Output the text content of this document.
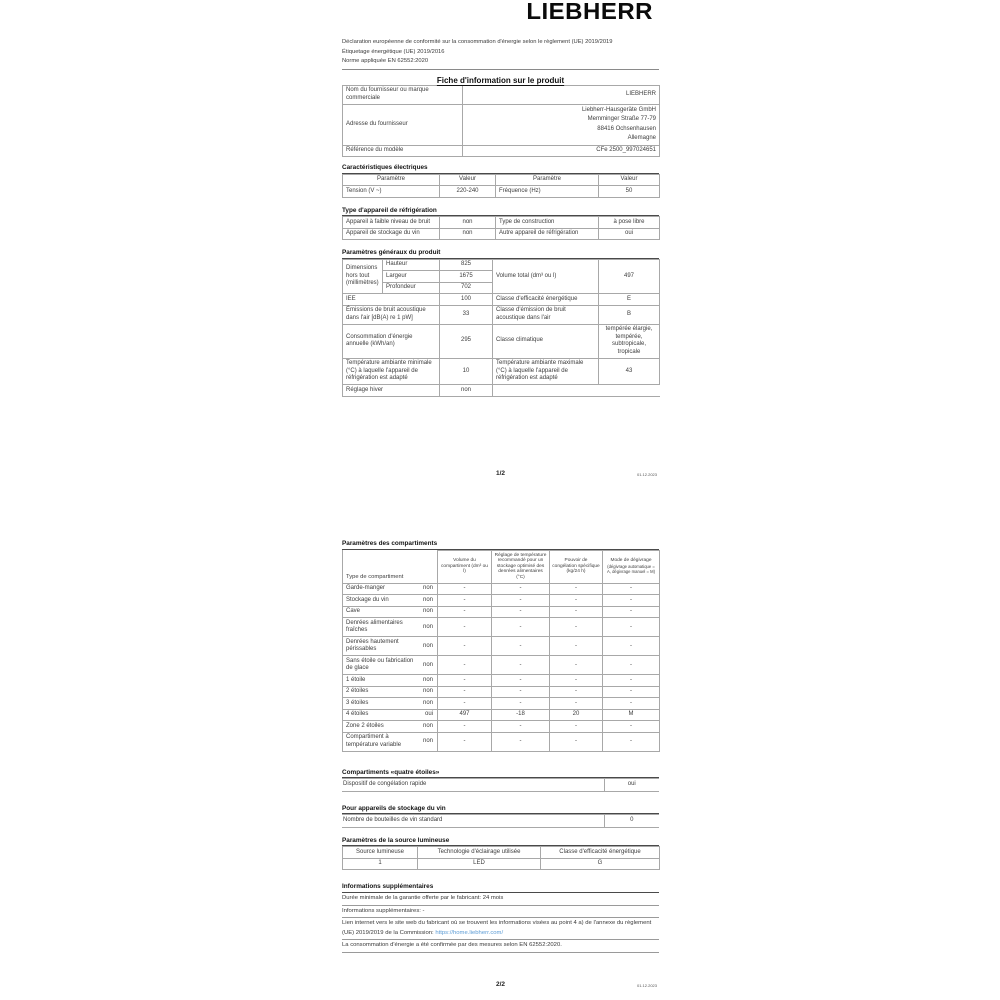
LIEBHERR
Déclaration européenne de conformité sur la consommation d'énergie selon le règlement (UE) 2019/2019
Étiquetage énergétique (UE) 2019/2016
Norme appliquée EN 62552:2020
Fiche d'information sur le produit
Nom du fournisseur ou marque commerciale	LIEBHERR
Adresse du fournisseur	Liebherr-Hausgeräte GmbH
Memminger Straße 77-79
88416 Ochsenhausen
Allemagne

Référence du modèle	CFe 2500_997024651
Caractéristiques électriques
Paramètre	Valeur	Paramètre	Valeur
Tension (V ~)	220-240	Fréquence (Hz)	50
Type d'appareil de réfrigération
Appareil à faible niveau de bruit	non	Type de construction	à pose libre
Appareil de stockage du vin	non	Autre appareil de réfrigération	oui
Paramètres généraux du produit
Dimensions hors tout (millimètres)	Hauteur	825	Volume total (dm³ ou l)	497
	Largeur	1675		
	Profondeur	702		
IEE		100	Classe d'efficacité énergétique	E
Émissions de bruit acoustique dans l'air [dB(A) re 1 pW]		33	Classe d'émission de bruit acoustique dans l'air	B
Consommation d'énergie annuelle (kWh/an)		295	Classe climatique	tempérée élargie, tempérée, subtropicale, tropicale
Température ambiante minimale (°C) à laquelle l'appareil de réfrigération est adapté		10	Température ambiante maximale (°C) à laquelle l'appareil de réfrigération est adapté	43
Réglage hiver		non		
1/2	01.12.2023
Paramètres des compartiments
Type de compartiment	Volume du compartiment (dm³ ou l)	Réglage de température recommandé pour un stockage optimisé des denrées alimentaires (°C)	Pouvoir de congélation spécifique (kg/24 h)	Mode de dégivrage
(dégivrage automatique = A, dégivrage manuel = M)

Garde-manger non	-	-	-	-

Stockage du vin non	-	-	-	-

Cave non	-	-	-	-

Denrées alimentaires fraîches
non	-	-	-	-

Denrées hautement périssables
non	-	-	-	-

Sans étoile ou fabrication de glace
non	-	-	-	-

1 étoile non	-	-	-	-

2 étoiles non	-	-	-	-

3 étoiles non	-	-	-	-

4 étoiles oui	497	-18	20	M

Zone 2 étoiles non	-	-	-	-

Compartiment à température variable
non	-	-	-	-
Compartiments «quatre étoiles»
Dispositif de congélation rapide	oui
Pour appareils de stockage du vin
Nombre de bouteilles de vin standard	0
Paramètres de la source lumineuse
Source lumineuse	Technologie d'éclairage utilisée	Classe d'efficacité énergétique
1	LED	G
Informations supplémentaires
Durée minimale de la garantie offerte par le fabricant: 24 mois
Informations supplémentaires: -
Lien internet vers le site web du fabricant où se trouvent les informations visées au point 4 a) de l'annexe du règlement (UE) 2019/2019 de la Commission: https://home.liebherr.com/
La consommation d'énergie a été confirmée par des mesures selon EN 62552:2020.
2/2	01.12.2023
